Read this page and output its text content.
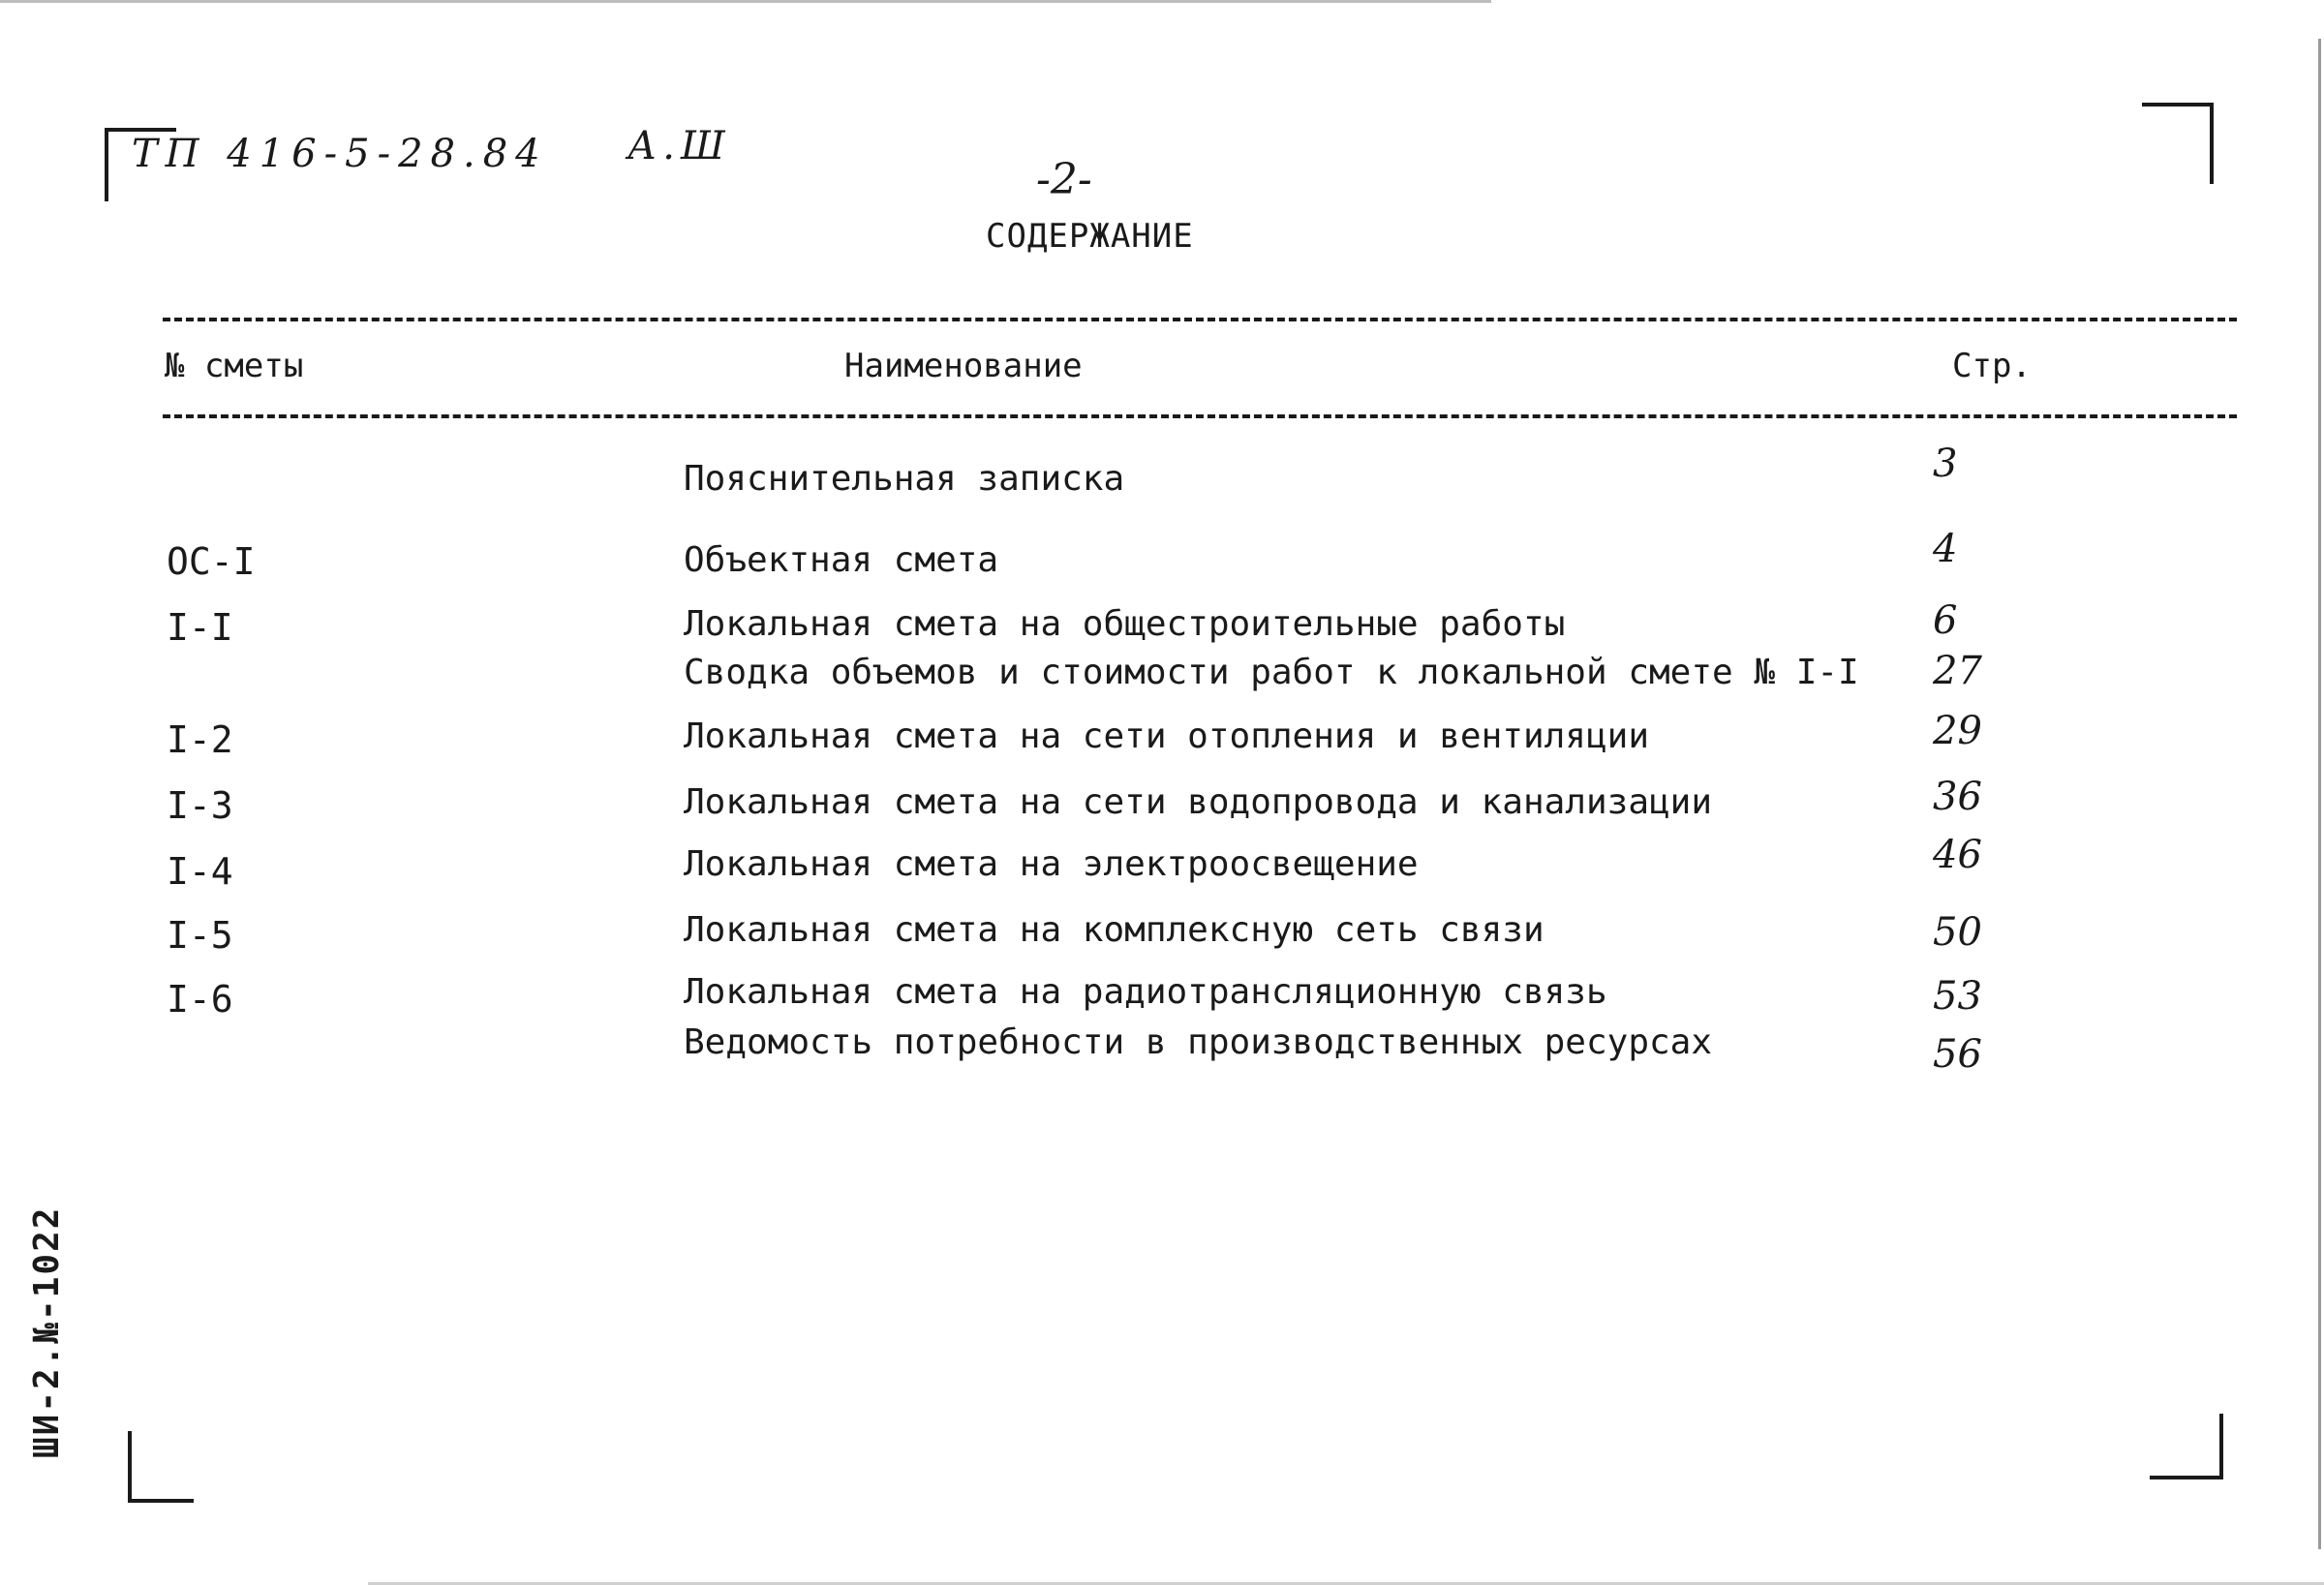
ТП 416-5-28.84 А.Ш
-2-
СОДЕРЖАНИЕ
№ сметы	Наименование	Стр.
Пояснительная записка	3
ОС-I	Объектная смета	4
I-I	Локальная смета на общестроительные работы	6
Сводка объемов и стоимости работ к локальной смете № I-I 27
I-2	Локальная смета на сети отопления и вентиляции	29
I-3	Локальная смета на сети водопровода и канализации	36
I-4	Локальная смета на электроосвещение	46
I-5	Локальная смета на комплексную сеть связи	50
I-6	Локальная смета на радиотрансляционную связь	53
Ведомость потребности в производственных ресурсах	56
ШИ-2.№-1022
